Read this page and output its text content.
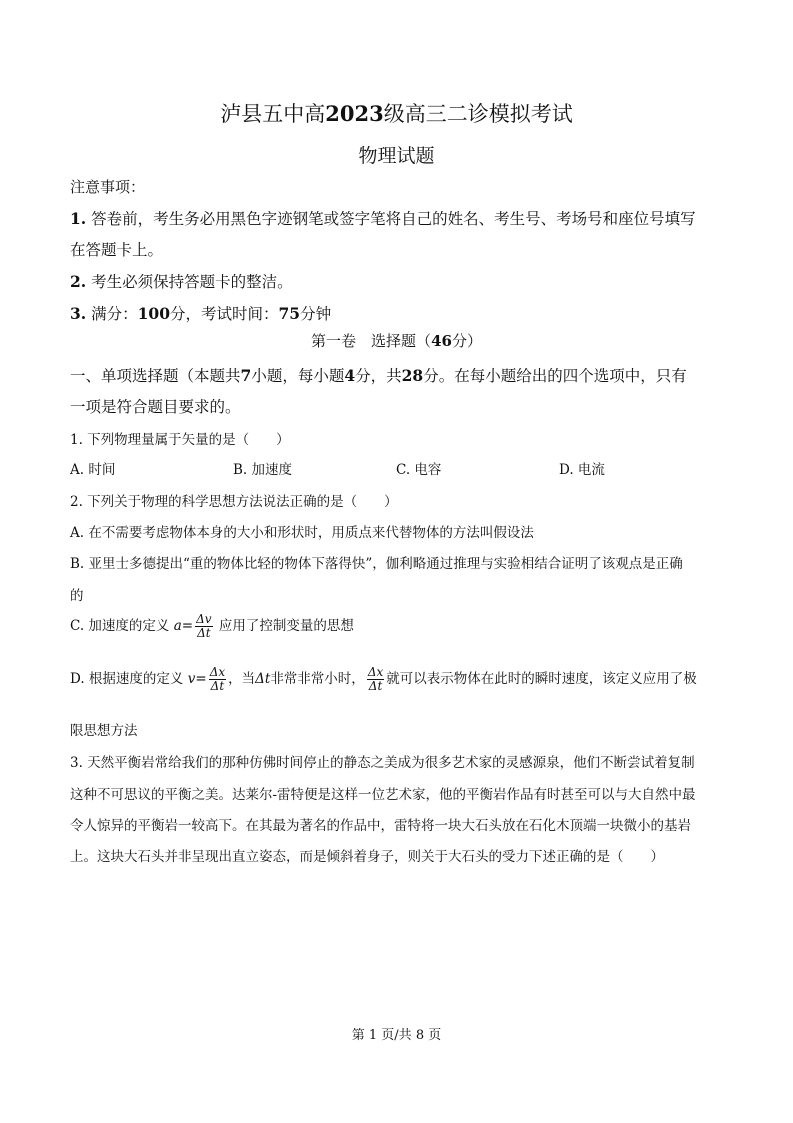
泸县五中高2023级高三二诊模拟考试
物理试题
注意事项：
1. 答卷前，考生务必用黑色字迹钢笔或签字笔将自己的姓名、考生号、考场号和座位号填写
在答题卡上。
2. 考生必须保持答题卡的整洁。
3. 满分：100分，考试时间：75分钟
第一卷　选择题（46分）
一、单项选择题（本题共7小题，每小题4分，共28分。在每小题给出的四个选项中，只有
一项是符合题目要求的。
1. 下列物理量属于矢量的是（　　）
A. 时间	B. 加速度	C. 电容	D. 电流
2. 下列关于物理的科学思想方法说法正确的是（　　）
A. 在不需要考虑物体本身的大小和形状时，用质点来代替物体的方法叫假设法
B. 亚里士多德提出“重的物体比轻的物体下落得快”，伽利略通过推理与实验相结合证明了该观点是正确
的
C. 加速度的定义 $a= \frac{\Delta v}{\Delta t}$ 应用了控制变量的思想
D. 根据速度的定义 $v= \frac{\Delta x}{\Delta t}$ ，当Δt非常非常小时， $\frac{\Delta x}{\Delta t}$ 就可以表示物体在此时的瞬时速度，该定义应用了极
限思想方法
3. 天然平衡岩常给我们的那种仿佛时间停止的静态之美成为很多艺术家的灵感源泉，他们不断尝试着复制
这种不可思议的平衡之美。达莱尔-雷特便是这样一位艺术家，他的平衡岩作品有时甚至可以与大自然中最
令人惊异的平衡岩一较高下。在其最为著名的作品中，雷特将一块大石头放在石化木顶端一块微小的基岩
上。这块大石头并非呈现出直立姿态，而是倾斜着身子，则关于大石头的受力下述正确的是（　　）
第 1 页/共 8 页
